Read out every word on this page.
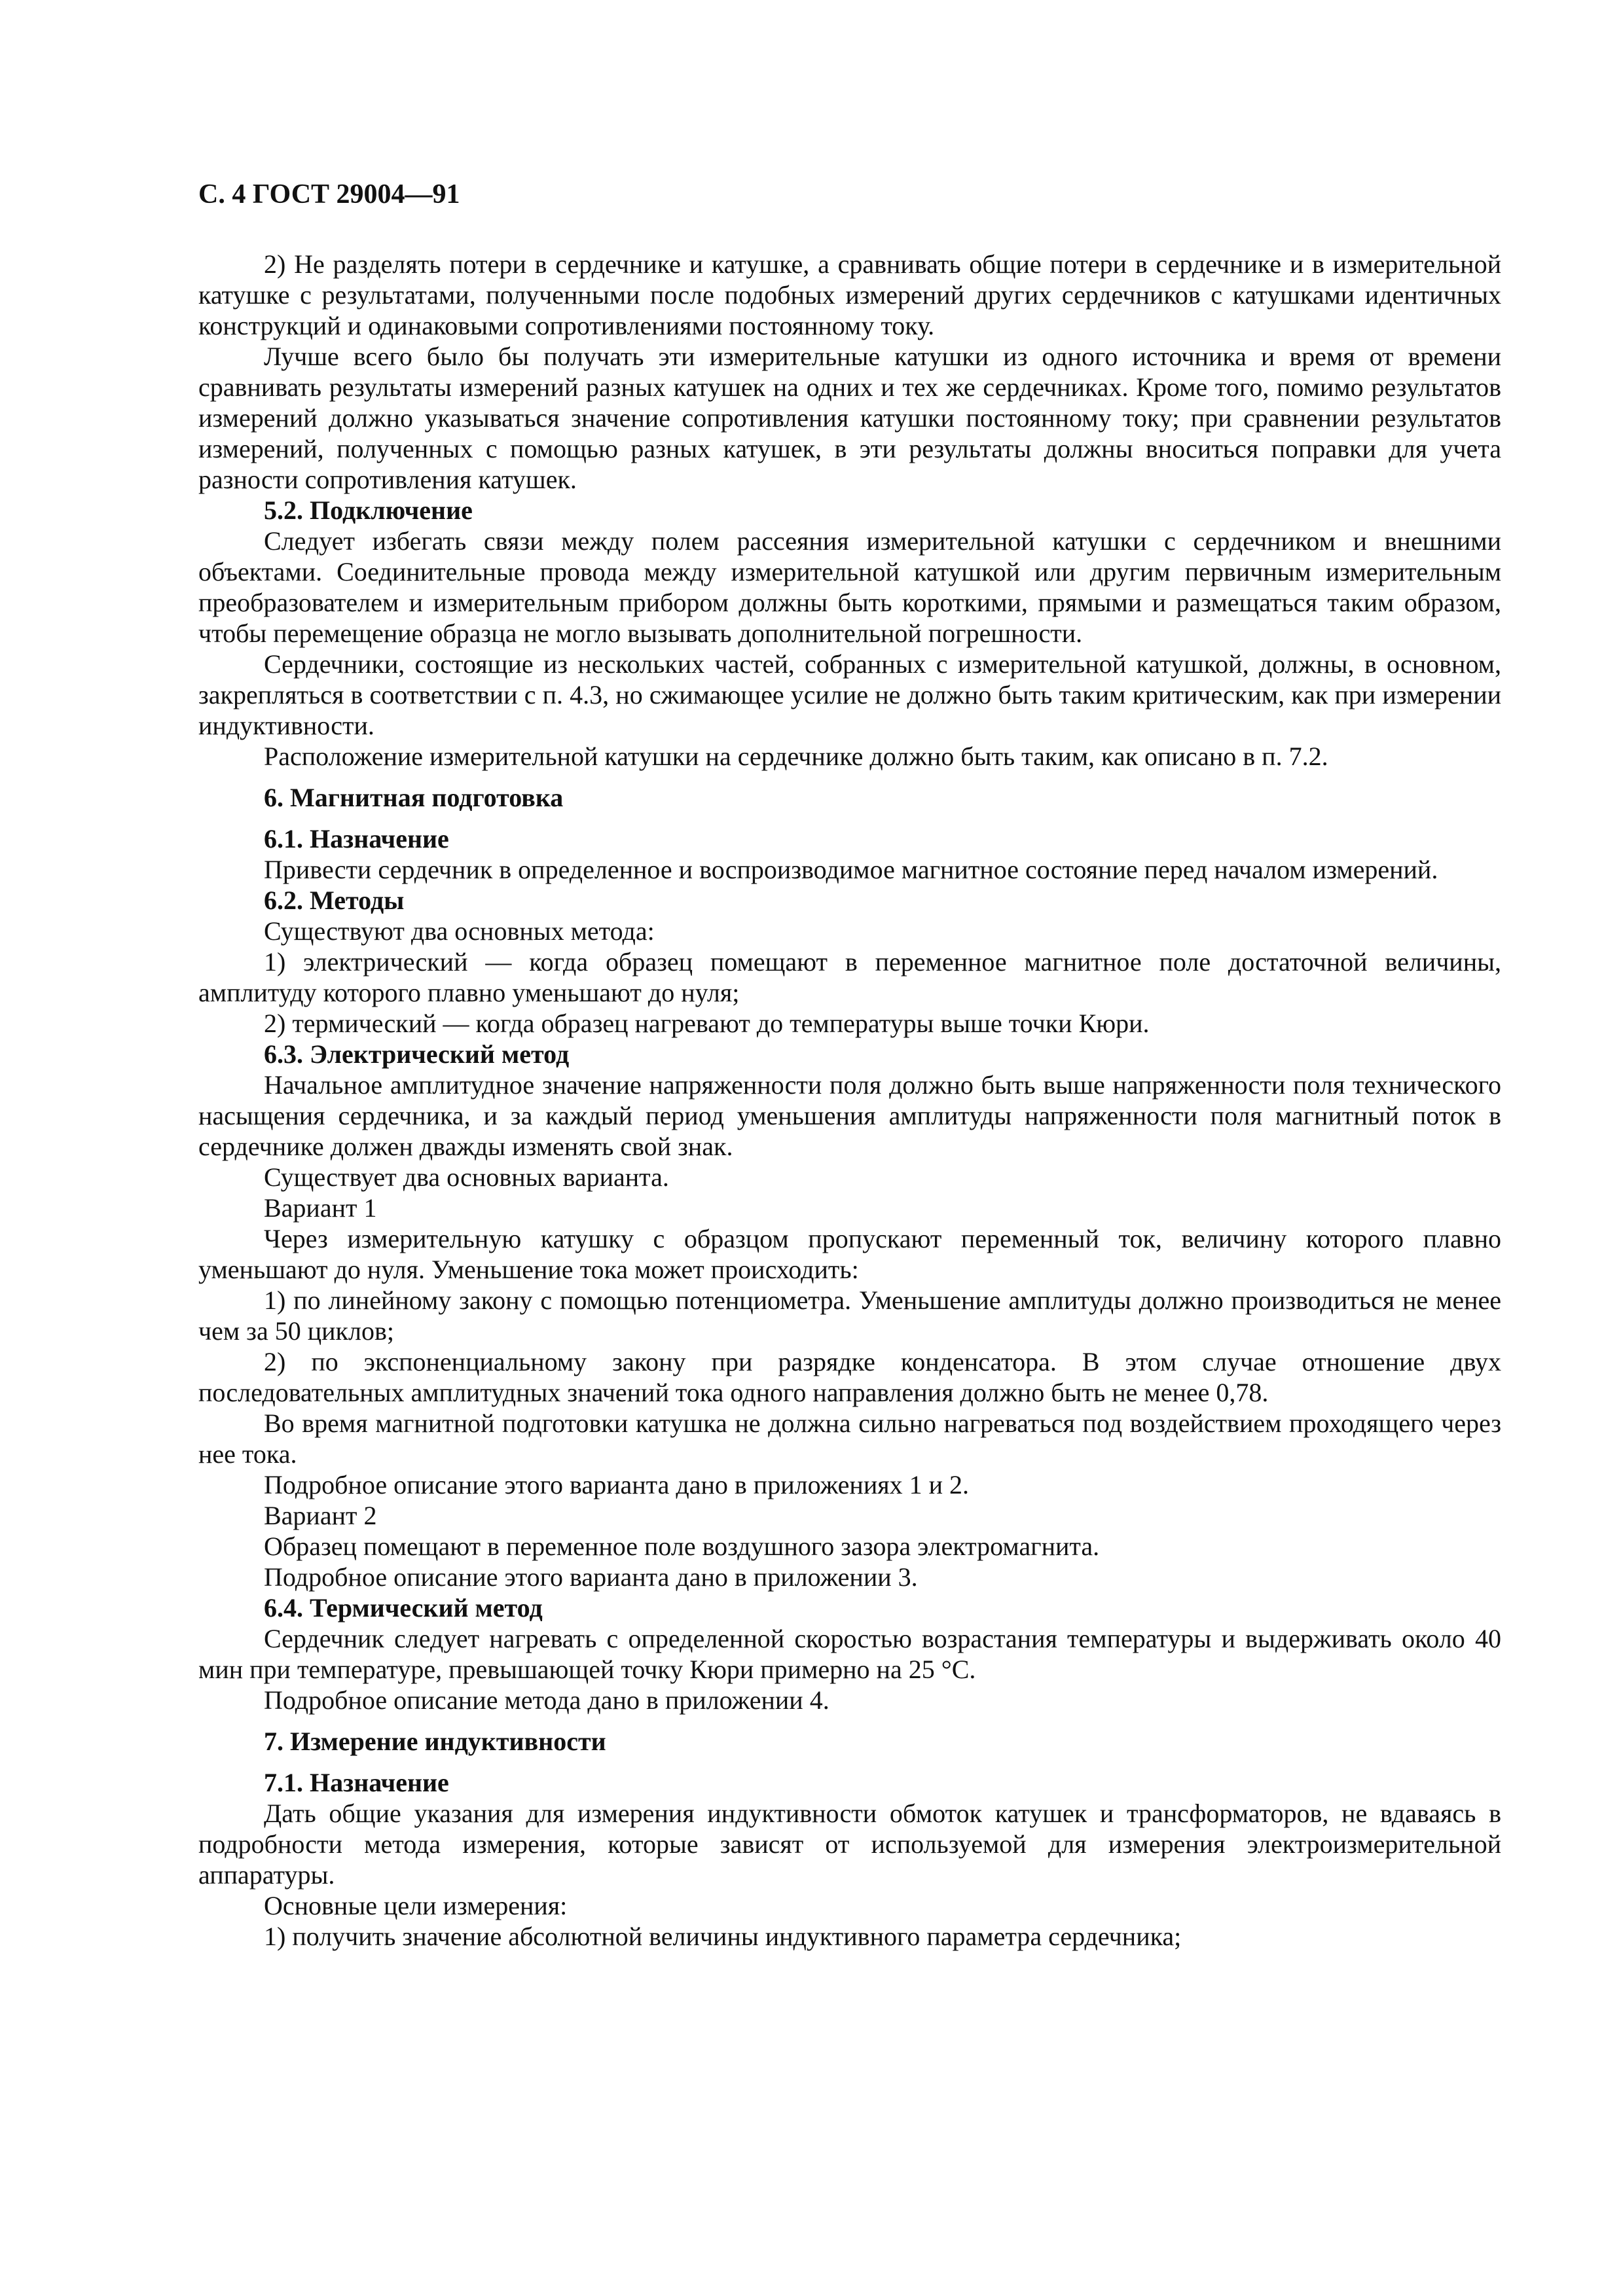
С. 4 ГОСТ 29004—91

2) Не разделять потери в сердечнике и катушке, а сравнивать общие потери в сердечнике и в измерительной катушке с результатами, полученными после подобных измерений других сердечников с катушками идентичных конструкций и одинаковыми сопротивлениями постоянному току.

Лучше всего было бы получать эти измерительные катушки из одного источника и время от времени сравнивать результаты измерений разных катушек на одних и тех же сердечниках. Кроме того, помимо результатов измерений должно указываться значение сопротивления катушки постоянному току; при сравнении результатов измерений, полученных с помощью разных катушек, в эти результаты должны вноситься поправки для учета разности сопротивления катушек.

5.2. Подключение

Следует избегать связи между полем рассеяния измерительной катушки с сердечником и внешними объектами. Соединительные провода между измерительной катушкой или другим первичным измерительным преобразователем и измерительным прибором должны быть короткими, прямыми и размещаться таким образом, чтобы перемещение образца не могло вызывать дополнительной погрешности.

Сердечники, состоящие из нескольких частей, собранных с измерительной катушкой, должны, в основном, закрепляться в соответствии с п. 4.3, но сжимающее усилие не должно быть таким критическим, как при измерении индуктивности.

Расположение измерительной катушки на сердечнике должно быть таким, как описано в п. 7.2.

6. Магнитная подготовка
6.1. Назначение

Привести сердечник в определенное и воспроизводимое магнитное состояние перед началом измерений.

6.2. Методы
Существуют два основных метода:

1) электрический — когда образец помещают в переменное магнитное поле достаточной величины, амплитуду которого плавно уменьшают до нуля;

2) термический — когда образец нагревают до температуры выше точки Кюри.
6.3. Электрический метод

Начальное амплитудное значение напряженности поля должно быть выше напряженности поля технического насыщения сердечника, и за каждый период уменьшения амплитуды напряженности поля магнитный поток в сердечнике должен дважды изменять свой знак.

Существует два основных варианта.
Вариант 1

Через измерительную катушку с образцом пропускают переменный ток, величину которого плавно уменьшают до нуля. Уменьшение тока может происходить:

1) по линейному закону с помощью потенциометра. Уменьшение амплитуды должно производиться не менее чем за 50 циклов;

2) по экспоненциальному закону при разрядке конденсатора. В этом случае отношение двух последовательных амплитудных значений тока одного направления должно быть не менее 0,78.

Во время магнитной подготовки катушка не должна сильно нагреваться под воздействием проходящего через нее тока.

Подробное описание этого варианта дано в приложениях 1 и 2.
Вариант 2
Образец помещают в переменное поле воздушного зазора электромагнита.
Подробное описание этого варианта дано в приложении 3.
6.4. Термический метод

Сердечник следует нагревать с определенной скоростью возрастания температуры и выдерживать около 40 мин при температуре, превышающей точку Кюри примерно на 25 °С.

Подробное описание метода дано в приложении 4.
7. Измерение индуктивности
7.1. Назначение

Дать общие указания для измерения индуктивности обмоток катушек и трансформаторов, не вдаваясь в подробности метода измерения, которые зависят от используемой для измерения электроизмерительной аппаратуры.

Основные цели измерения:
1) получить значение абсолютной величины индуктивного параметра сердечника;
